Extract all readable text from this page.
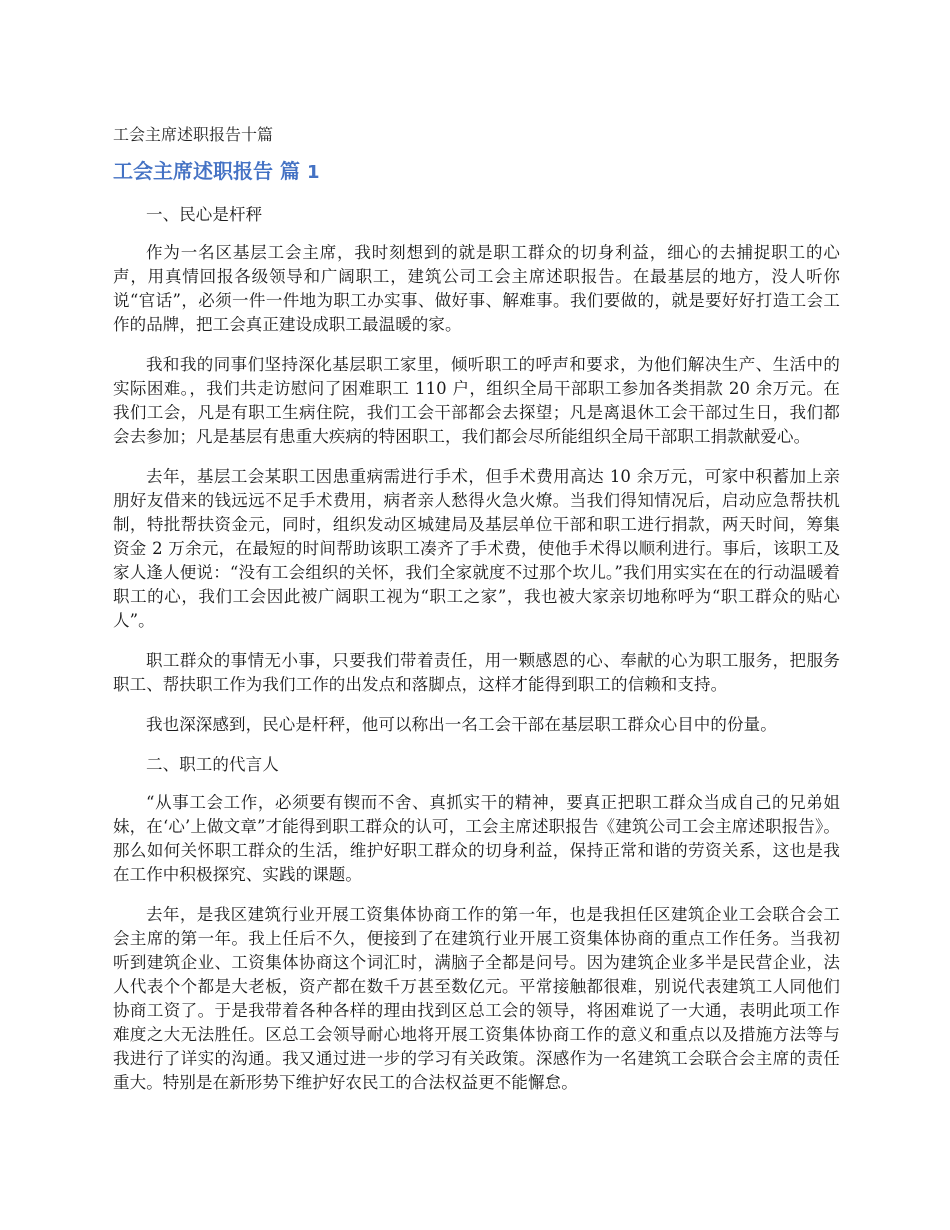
工会主席述职报告十篇
工会主席述职报告 篇 1

一、民心是杆秤

作为一名区基层工会主席，我时刻想到的就是职工群众的切身利益，细心的去捕捉职工的心声，用真情回报各级领导和广阔职工，建筑公司工会主席述职报告。在最基层的地方，没人听你说“官话”，必须一件一件地为职工办实事、做好事、解难事。我们要做的，就是要好好打造工会工作的品牌，把工会真正建设成职工最温暖的家。

我和我的同事们坚持深化基层职工家里，倾听职工的呼声和要求，为他们解决生产、生活中的实际困难。，我们共走访慰问了困难职工 110 户，组织全局干部职工参加各类捐款 20 余万元。在我们工会，凡是有职工生病住院，我们工会干部都会去探望；凡是离退休工会干部过生日，我们都会去参加；凡是基层有患重大疾病的特困职工，我们都会尽所能组织全局干部职工捐款献爱心。

去年，基层工会某职工因患重病需进行手术，但手术费用高达 10 余万元，可家中积蓄加上亲朋好友借来的钱远远不足手术费用，病者亲人愁得火急火燎。当我们得知情况后，启动应急帮扶机制，特批帮扶资金元，同时，组织发动区城建局及基层单位干部和职工进行捐款，两天时间，筹集资金 2 万余元，在最短的时间帮助该职工凑齐了手术费，使他手术得以顺利进行。事后，该职工及家人逢人便说：“没有工会组织的关怀，我们全家就度不过那个坎儿。”我们用实实在在的行动温暖着职工的心，我们工会因此被广阔职工视为“职工之家”，我也被大家亲切地称呼为“职工群众的贴心人”。

职工群众的事情无小事，只要我们带着责任，用一颗感恩的心、奉献的心为职工服务，把服务职工、帮扶职工作为我们工作的出发点和落脚点，这样才能得到职工的信赖和支持。

我也深深感到，民心是杆秤，他可以称出一名工会干部在基层职工群众心目中的份量。

二、职工的代言人

“从事工会工作，必须要有锲而不舍、真抓实干的精神，要真正把职工群众当成自己的兄弟姐妹，在‘心’上做文章”才能得到职工群众的认可，工会主席述职报告《建筑公司工会主席述职报告》。那么如何关怀职工群众的生活，维护好职工群众的切身利益，保持正常和谐的劳资关系，这也是我在工作中积极探究、实践的课题。

去年，是我区建筑行业开展工资集体协商工作的第一年，也是我担任区建筑企业工会联合会工会主席的第一年。我上任后不久，便接到了在建筑行业开展工资集体协商的重点工作任务。当我初听到建筑企业、工资集体协商这个词汇时，满脑子全都是问号。因为建筑企业多半是民营企业，法人代表个个都是大老板，资产都在数千万甚至数亿元。平常接触都很难，别说代表建筑工人同他们协商工资了。于是我带着各种各样的理由找到区总工会的领导，将困难说了一大通，表明此项工作难度之大无法胜任。区总工会领导耐心地将开展工资集体协商工作的意义和重点以及措施方法等与我进行了详实的沟通。我又通过进一步的学习有关政策。深感作为一名建筑工会联合会主席的责任重大。特别是在新形势下维护好农民工的合法权益更不能懈怠。
